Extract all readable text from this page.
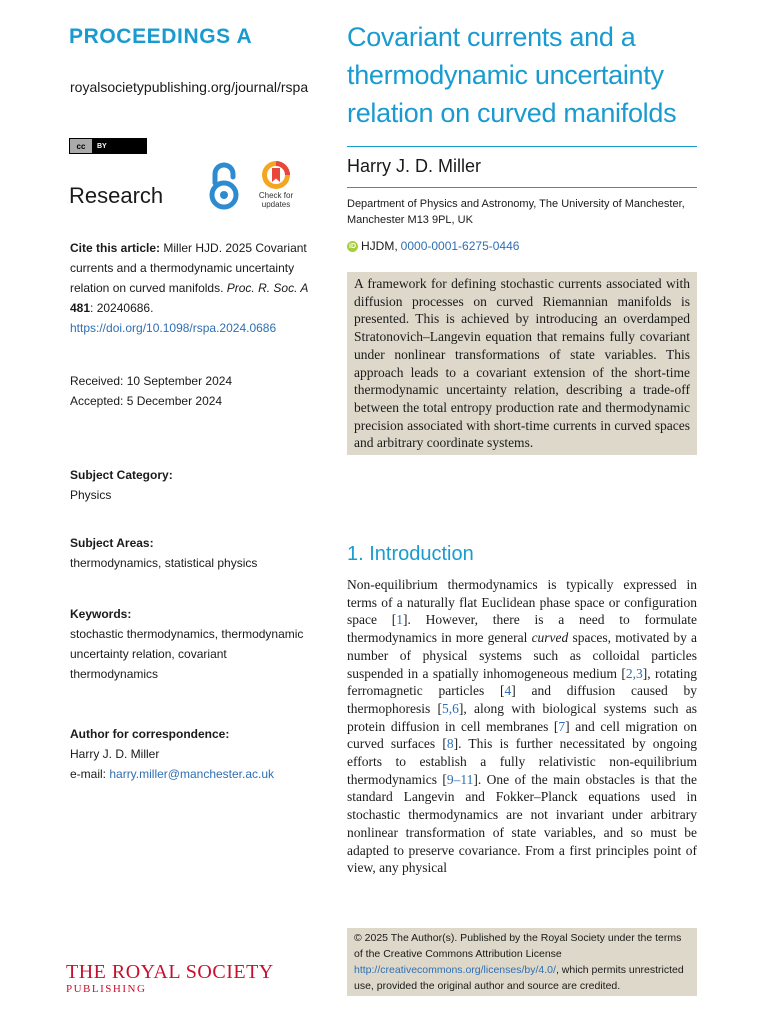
PROCEEDINGS A
royalsocietypublishing.org/journal/rspa
cc	BY
Research	Check for
updates
Cite this article: Miller HJD. 2025 Covariant currents and a thermodynamic uncertainty relation on curved manifolds. Proc. R. Soc. A 481: 20240686.
https://doi.org/10.1098/rspa.2024.0686
Received: 10 September 2024
Accepted: 5 December 2024
Subject Category:
Physics
Subject Areas:
thermodynamics, statistical physics
Keywords:
stochastic thermodynamics, thermodynamic uncertainty relation, covariant thermodynamics
Author for correspondence:
Harry J. D. Miller
e-mail: harry.miller@manchester.ac.uk
THE ROYAL SOCIETY
PUBLISHING
Covariant currents and a thermodynamic uncertainty relation on curved manifolds
Harry J. D. Miller
Department of Physics and Astronomy, The University of Manchester, Manchester M13 9PL, UK
iD HJDM, 0000-0001-6275-0446
A framework for defining stochastic currents associated with diffusion processes on curved Riemannian manifolds is presented. This is achieved by introducing an overdamped Stratonovich–Langevin equation that remains fully covariant under nonlinear transformations of state variables. This approach leads to a covariant extension of the short-time thermodynamic uncertainty relation, describing a trade-off between the total entropy production rate and thermodynamic precision associated with short-time currents in curved spaces and arbitrary coordinate systems.
1. Introduction
Non-equilibrium thermodynamics is typically expressed in terms of a naturally flat Euclidean phase space or configuration space [1]. However, there is a need to formulate thermodynamics in more general curved spaces, motivated by a number of physical systems such as colloidal particles suspended in a spatially inhomogeneous medium [2,3], rotating ferromagnetic particles [4] and diffusion caused by thermophoresis [5,6], along with biological systems such as protein diffusion in cell membranes [7] and cell migration on curved surfaces [8]. This is further necessitated by ongoing efforts to establish a fully relativistic non-equilibrium thermodynamics [9–11]. One of the main obstacles is that the standard Langevin and Fokker–Planck equations used in stochastic thermodynamics are not invariant under arbitrary nonlinear transformation of state variables, and so must be adapted to preserve covariance. From a first principles point of view, any physical
© 2025 The Author(s). Published by the Royal Society under the terms of the Creative Commons Attribution License http://creativecommons.org/licenses/by/4.0/, which permits unrestricted use, provided the original author and source are credited.
